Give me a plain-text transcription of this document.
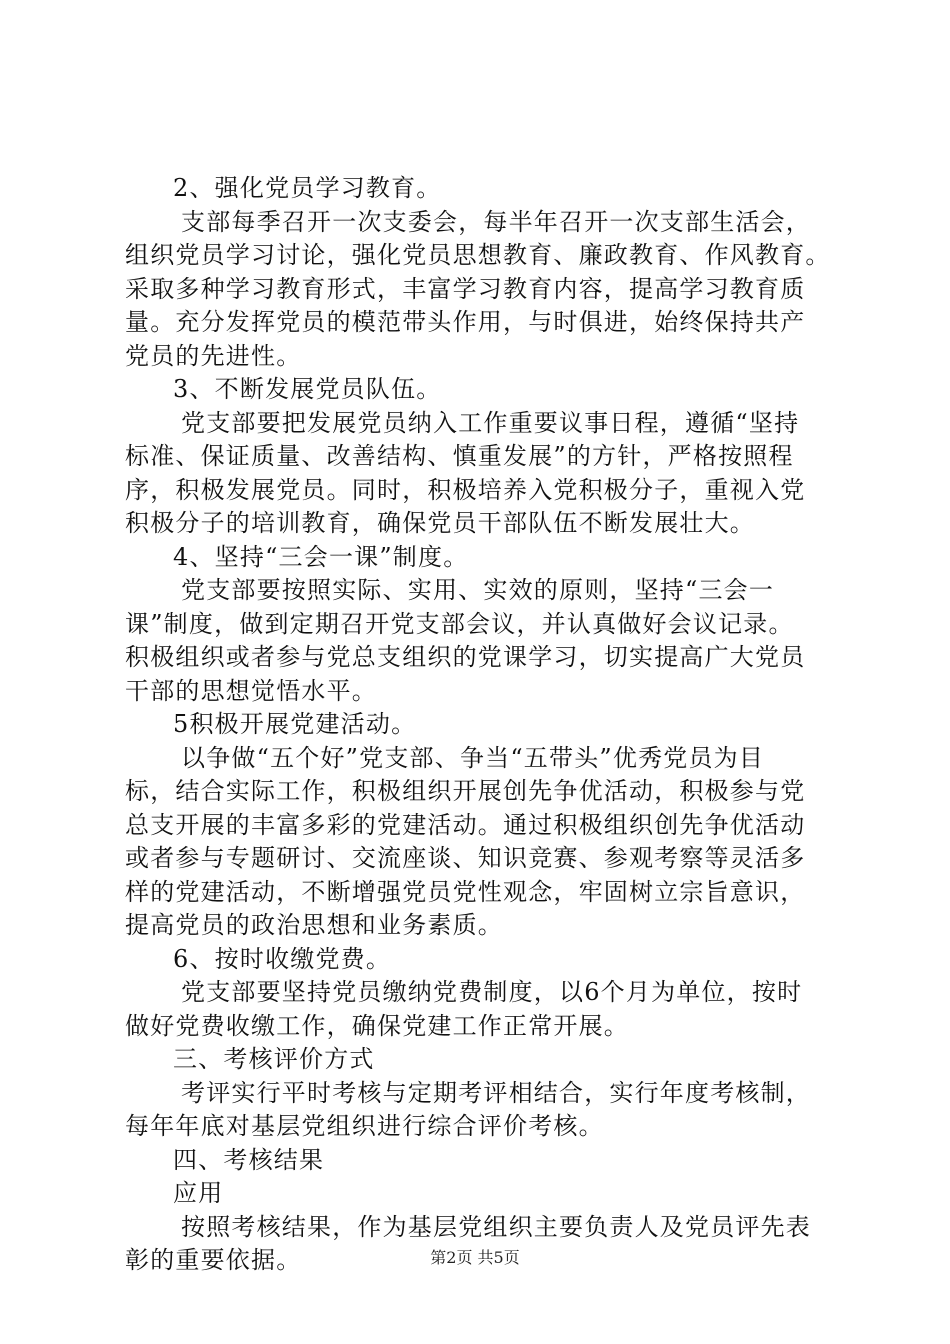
2、强化党员学习教育。
支部每季召开一次支委会，每半年召开一次支部生活会，
组织党员学习讨论，强化党员思想教育、廉政教育、作风教育。
采取多种学习教育形式，丰富学习教育内容，提高学习教育质
量。充分发挥党员的模范带头作用，与时俱进，始终保持共产
党员的先进性。
3、不断发展党员队伍。
党支部要把发展党员纳入工作重要议事日程，遵循“坚持
标准、保证质量、改善结构、慎重发展”的方针，严格按照程
序，积极发展党员。同时，积极培养入党积极分子，重视入党
积极分子的培训教育，确保党员干部队伍不断发展壮大。
4、坚持“三会一课”制度。
党支部要按照实际、实用、实效的原则，坚持“三会一
课”制度，做到定期召开党支部会议，并认真做好会议记录。
积极组织或者参与党总支组织的党课学习，切实提高广大党员
干部的思想觉悟水平。
5积极开展党建活动。
以争做“五个好”党支部、争当“五带头”优秀党员为目
标，结合实际工作，积极组织开展创先争优活动，积极参与党
总支开展的丰富多彩的党建活动。通过积极组织创先争优活动
或者参与专题研讨、交流座谈、知识竞赛、参观考察等灵活多
样的党建活动，不断增强党员党性观念，牢固树立宗旨意识，
提高党员的政治思想和业务素质。
6、按时收缴党费。
党支部要坚持党员缴纳党费制度，以6个月为单位，按时
做好党费收缴工作，确保党建工作正常开展。
三、考核评价方式
考评实行平时考核与定期考评相结合，实行年度考核制，
每年年底对基层党组织进行综合评价考核。
四、考核结果
应用
按照考核结果，作为基层党组织主要负责人及党员评先表
彰的重要依据。	第2页 共5页
